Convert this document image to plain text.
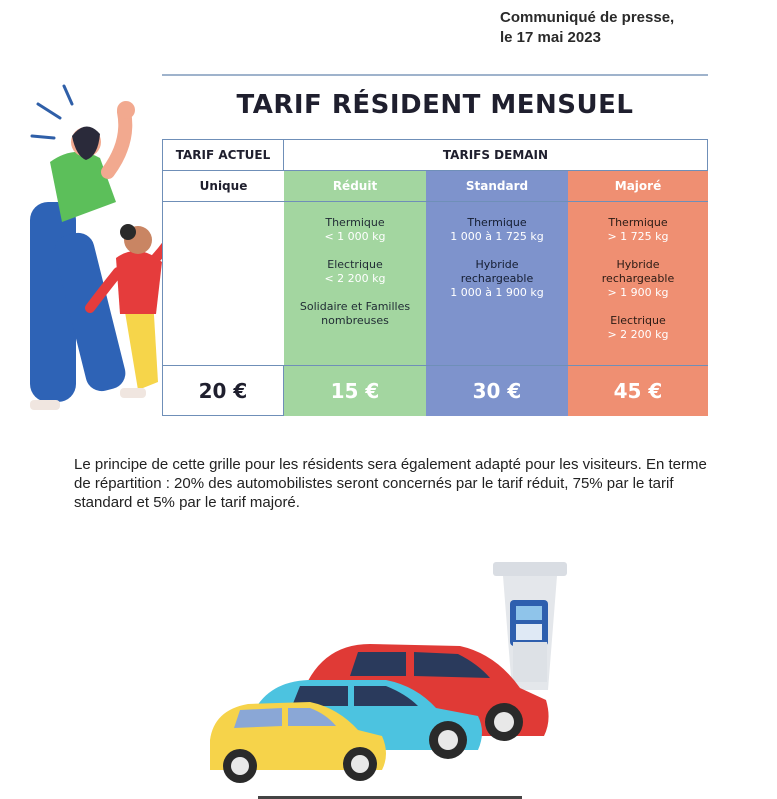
Communiqué de presse,
le 17 mai 2023
TARIF RÉSIDENT MENSUEL
TARIF ACTUEL	TARIFS DEMAIN
Unique
20 €
Réduit
Thermique
< 1 000 kg
Electrique
< 2 200 kg
Solidaire et Familles
nombreuses
15 €
Standard
Thermique
1 000 à 1 725 kg
Hybride
rechargeable
1 000 à 1 900 kg
30 €
Majoré
Thermique
> 1 725 kg
Hybride
rechargeable
> 1 900 kg
Electrique
> 2 200 kg
45 €
Le principe de cette grille pour les résidents sera également adapté pour les visiteurs. En terme de répartition : 20% des automobilistes seront concernés par le tarif réduit, 75% par le tarif standard et 5% par le tarif majoré.
